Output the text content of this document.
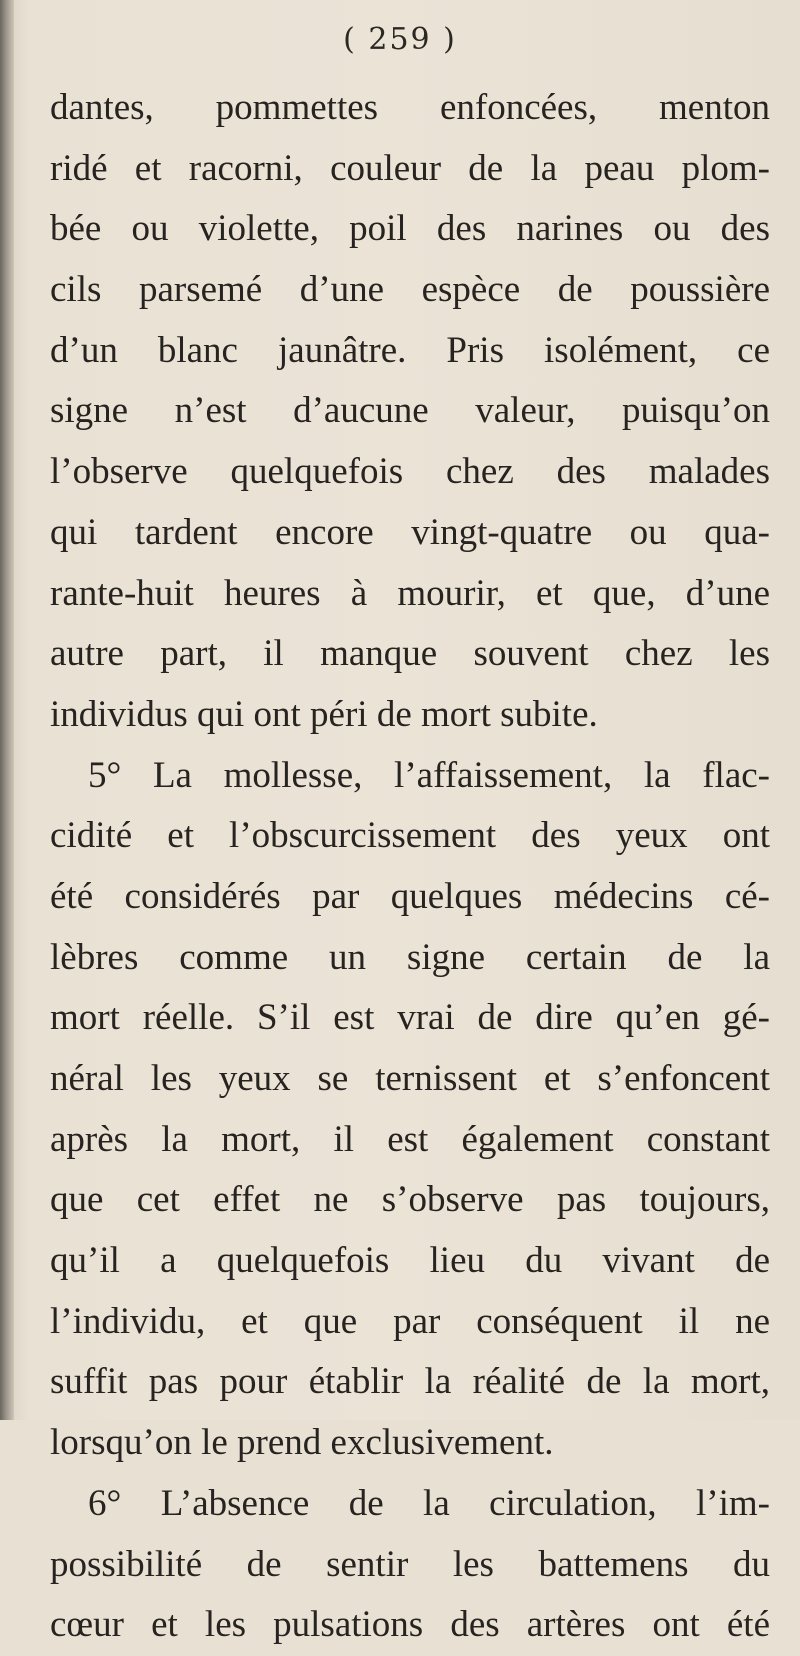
( 259 )
dantes, pommettes enfoncées, menton
ridé et racorni, couleur de la peau plom-
bée ou violette, poil des narines ou des
cils parsemé d’une espèce de poussière
d’un blanc jaunâtre. Pris isolément, ce
signe n’est d’aucune valeur, puisqu’on
l’observe quelquefois chez des malades
qui tardent encore vingt-quatre ou qua-
rante-huit heures à mourir, et que, d’une
autre part, il manque souvent chez les
individus qui ont péri de mort subite.
5° La mollesse, l’affaissement, la flac-
cidité et l’obscurcissement des yeux ont
été considérés par quelques médecins cé-
lèbres comme un signe certain de la
mort réelle. S’il est vrai de dire qu’en gé-
néral les yeux se ternissent et s’enfoncent
après la mort, il est également constant
que cet effet ne s’observe pas toujours,
qu’il a quelquefois lieu du vivant de
l’individu, et que par conséquent il ne
suffit pas pour établir la réalité de la mort,
lorsqu’on le prend exclusivement.
6° L’absence de la circulation, l’im-
possibilité de sentir les battemens du
cœur et les pulsations des artères ont été
